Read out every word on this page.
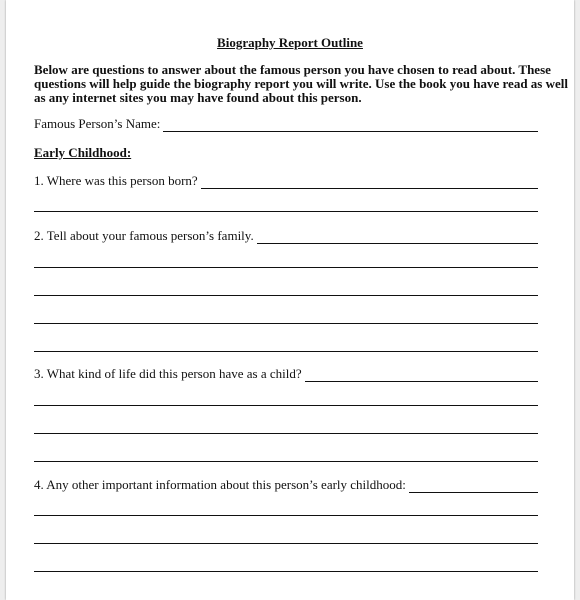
Biography Report Outline
Below are questions to answer about the famous person you have chosen to read about. These
questions will help guide the biography report you will write. Use the book you have read as well
as any internet sites you may have found about this person.
Famous Person’s Name:
Early Childhood:
1. Where was this person born?
2. Tell about your famous person’s family.
3. What kind of life did this person have as a child?
4. Any other important information about this person’s early childhood:
